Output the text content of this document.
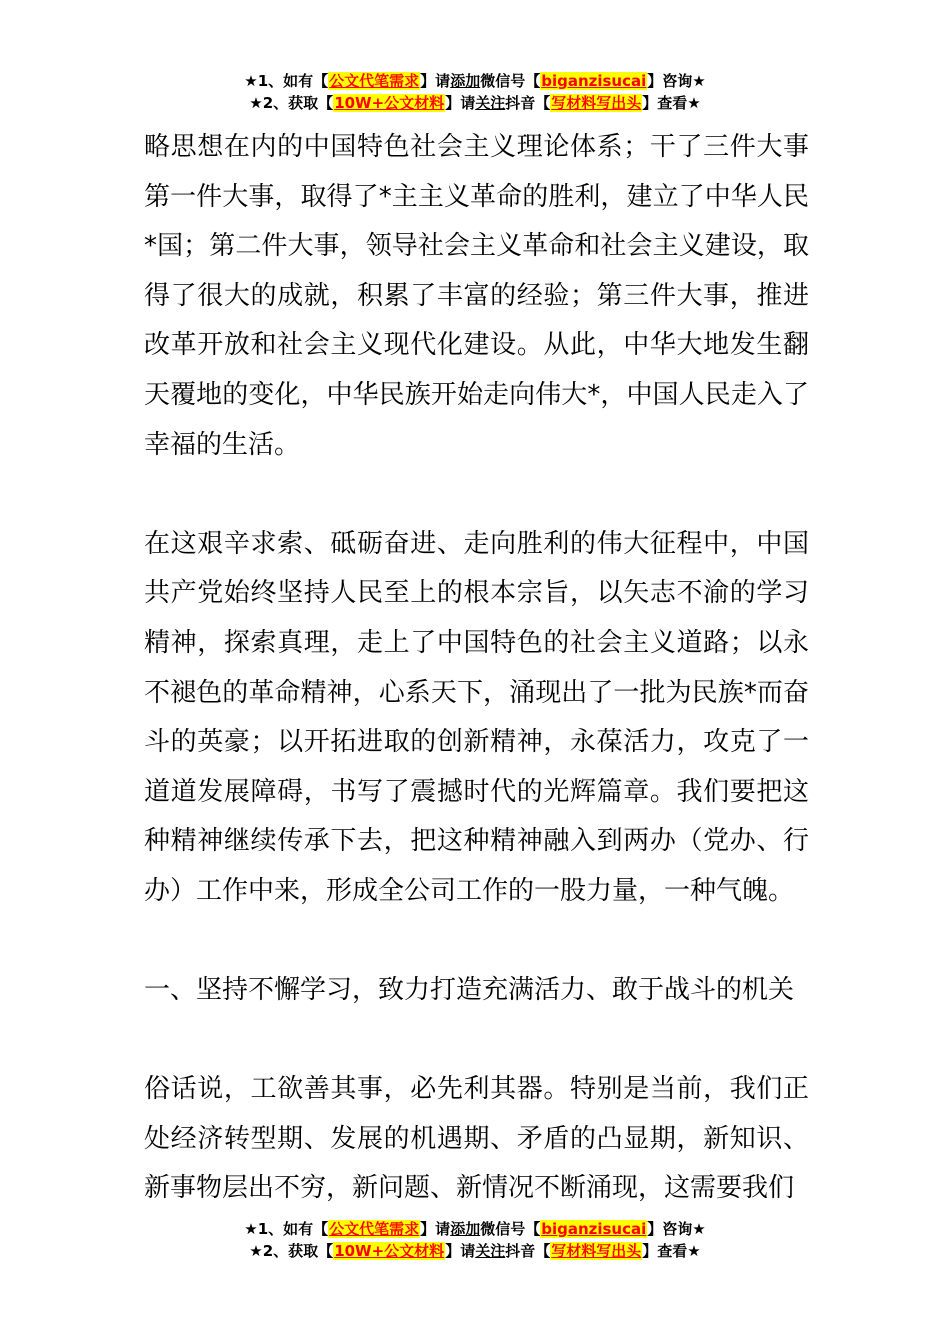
★1、如有【公文代笔需求】请添加微信号【biganzisucai】咨询★
★2、获取【10W+公文材料】请关注抖音【写材料写出头】查看★

略思想在内的中国特色社会主义理论体系；干了三件大事第一件大事，取得了*主主义革命的胜利，建立了中华人民*国；第二件大事，领导社会主义革命和社会主义建设，取得了很大的成就，积累了丰富的经验；第三件大事，推进改革开放和社会主义现代化建设。从此，中华大地发生翻天覆地的变化，中华民族开始走向伟大*，中国人民走入了幸福的生活。

在这艰辛求索、砥砺奋进、走向胜利的伟大征程中，中国共产党始终坚持人民至上的根本宗旨，以矢志不渝的学习精神，探索真理，走上了中国特色的社会主义道路；以永不褪色的革命精神，心系天下，涌现出了一批为民族*而奋斗的英豪；以开拓进取的创新精神，永葆活力，攻克了一道道发展障碍，书写了震撼时代的光辉篇章。我们要把这种精神继续传承下去，把这种精神融入到两办（党办、行办）工作中来，形成全公司工作的一股力量，一种气魄。

一、坚持不懈学习，致力打造充满活力、敢于战斗的机关

俗话说，工欲善其事，必先利其器。特别是当前，我们正处经济转型期、发展的机遇期、矛盾的凸显期，新知识、新事物层出不穷，新问题、新情况不断涌现，这需要我们

★1、如有【公文代笔需求】请添加微信号【biganzisucai】咨询★
★2、获取【10W+公文材料】请关注抖音【写材料写出头】查看★
